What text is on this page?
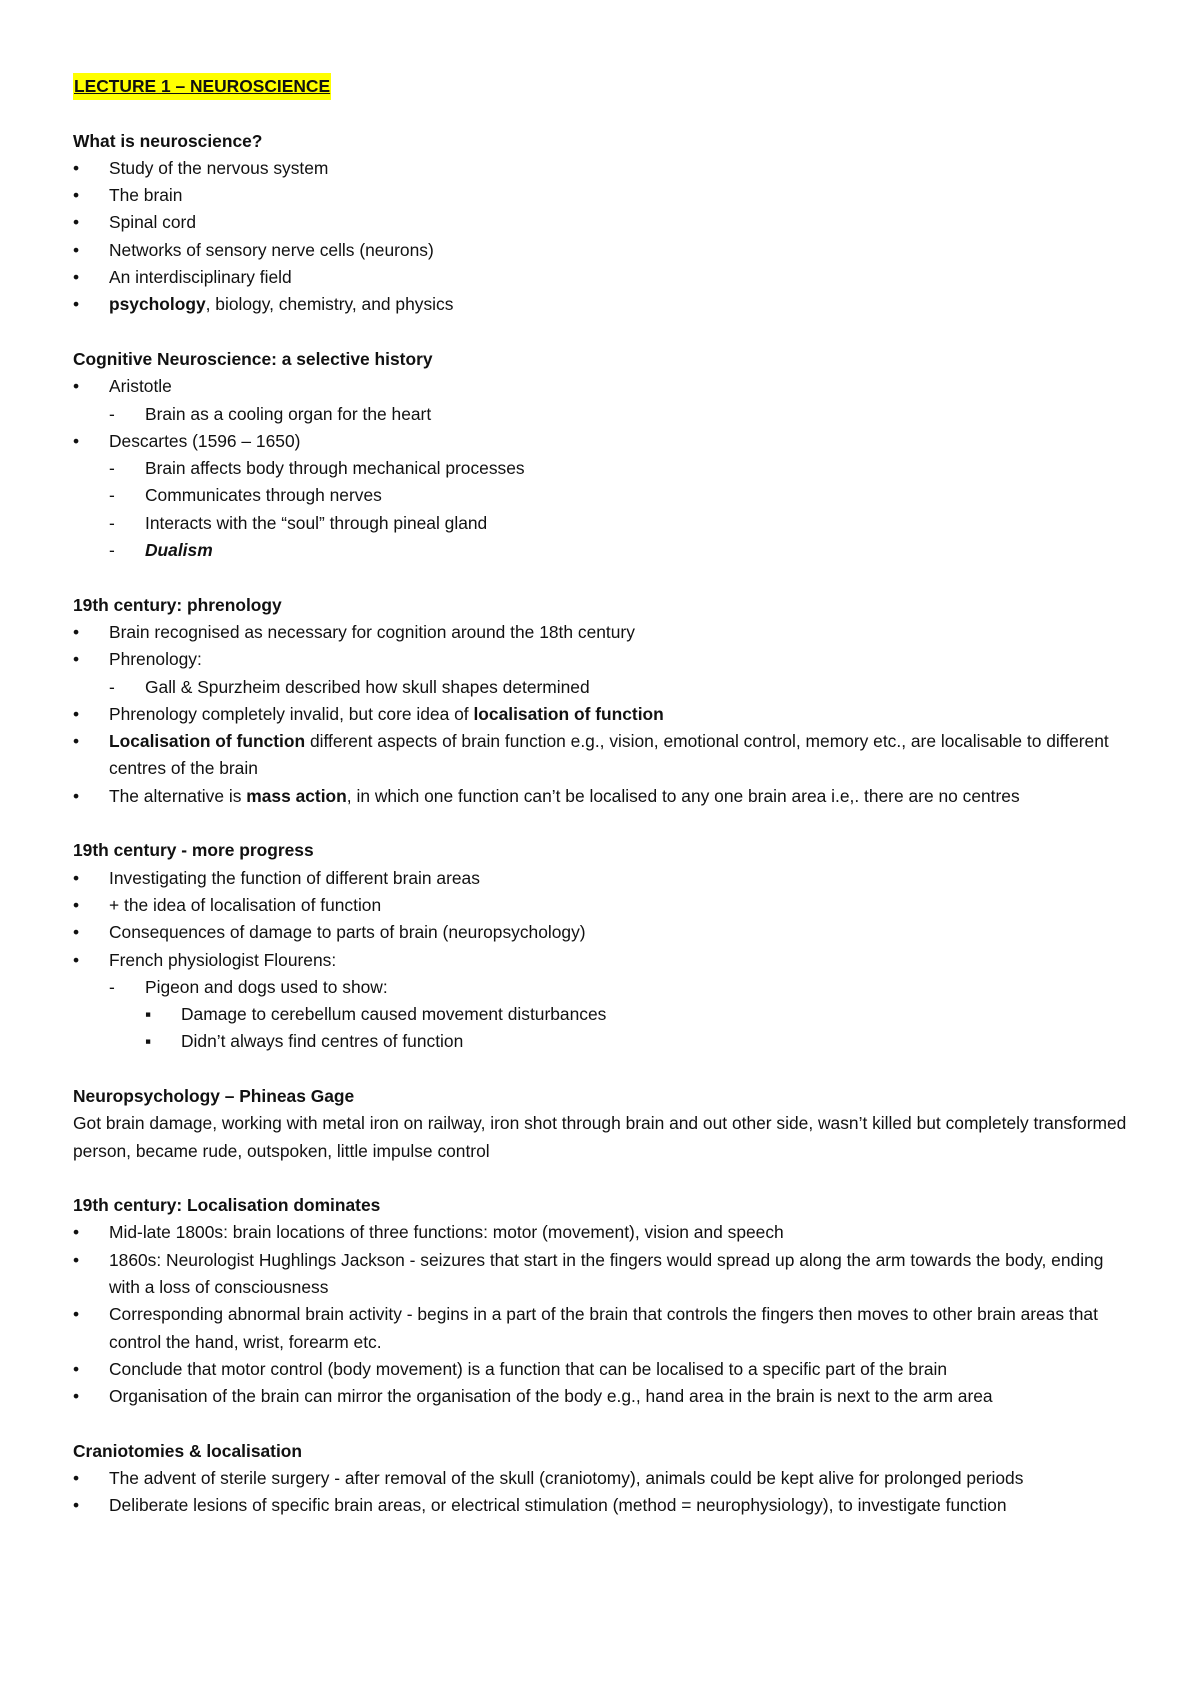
LECTURE 1 – NEUROSCIENCE
What is neuroscience?
•	Study of the nervous system
•	The brain
•	Spinal cord
•	Networks of sensory nerve cells (neurons)
•	An interdisciplinary field
•	psychology, biology, chemistry, and physics
Cognitive Neuroscience: a selective history
•	Aristotle
-	Brain as a cooling organ for the heart
•	Descartes (1596 – 1650)
-	Brain affects body through mechanical processes
-	Communicates through nerves
-	Interacts with the “soul” through pineal gland
-	Dualism
19th century: phrenology
•	Brain recognised as necessary for cognition around the 18th century
•	Phrenology:
-	Gall & Spurzheim described how skull shapes determined
•	Phrenology completely invalid, but core idea of localisation of function
•	Localisation of function different aspects of brain function e.g., vision, emotional control, memory etc., are localisable to different centres of the brain
•	The alternative is mass action, in which one function can’t be localised to any one brain area i.e,. there are no centres
19th century - more progress
•	Investigating the function of different brain areas
•	+ the idea of localisation of function
•	Consequences of damage to parts of brain (neuropsychology)
•	French physiologist Flourens:
-	Pigeon and dogs used to show:
▪	Damage to cerebellum caused movement disturbances
▪	Didn’t always find centres of function
Neuropsychology – Phineas Gage
Got brain damage, working with metal iron on railway, iron shot through brain and out other side, wasn’t killed but completely transformed person, became rude, outspoken, little impulse control
19th century: Localisation dominates
•	Mid-late 1800s: brain locations of three functions: motor (movement), vision and speech
•	1860s: Neurologist Hughlings Jackson - seizures that start in the fingers would spread up along the arm towards the body, ending with a loss of consciousness
•	Corresponding abnormal brain activity - begins in a part of the brain that controls the fingers then moves to other brain areas that control the hand, wrist, forearm etc.
•	Conclude that motor control (body movement) is a function that can be localised to a specific part of the brain
•	Organisation of the brain can mirror the organisation of the body e.g., hand area in the brain is next to the arm area
Craniotomies & localisation
•	The advent of sterile surgery - after removal of the skull (craniotomy), animals could be kept alive for prolonged periods
•	Deliberate lesions of specific brain areas, or electrical stimulation (method = neurophysiology), to investigate function
